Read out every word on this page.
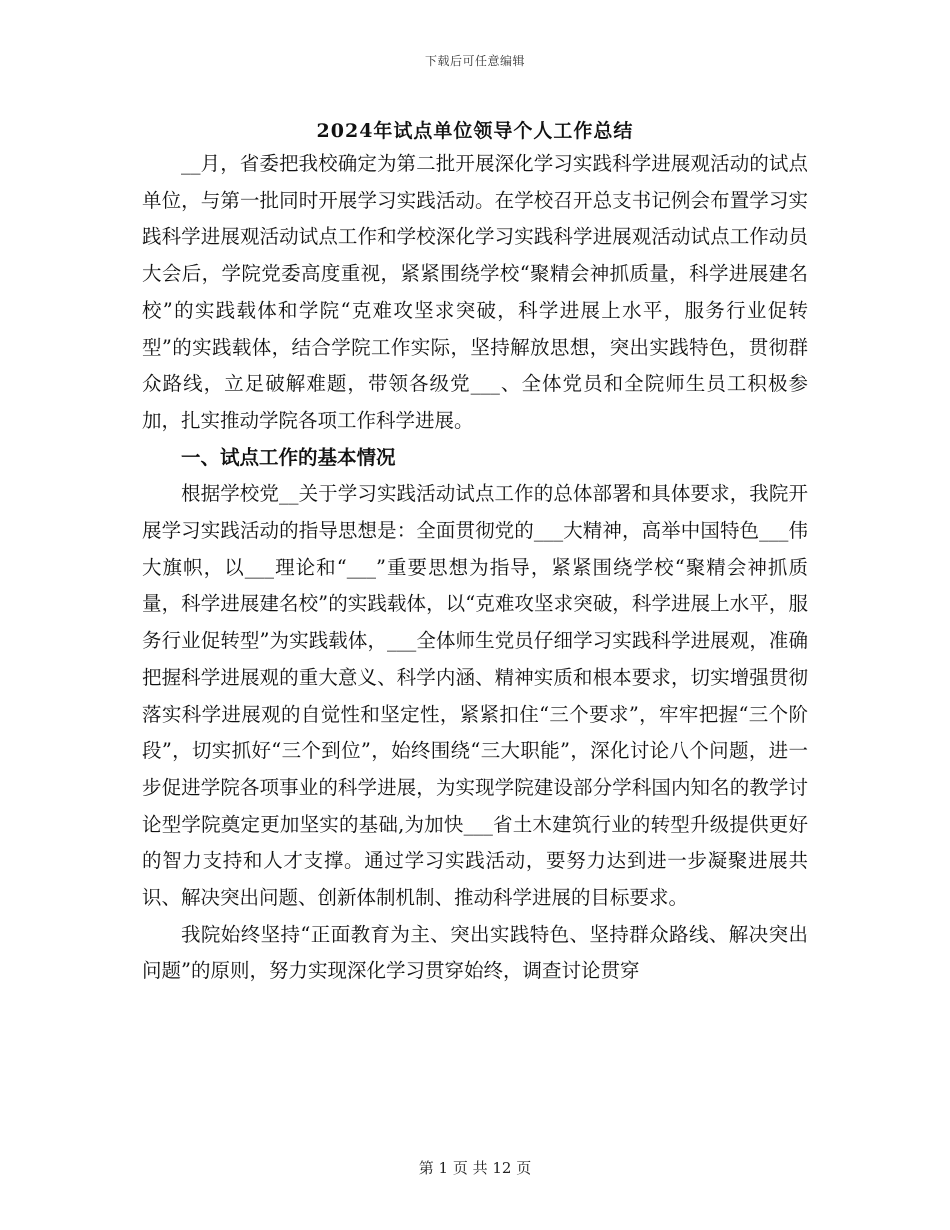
下载后可任意编辑
2024年试点单位领导个人工作总结

__月，省委把我校确定为第二批开展深化学习实践科学进展观活动的试点单位，与第一批同时开展学习实践活动。在学校召开总支书记例会布置学习实践科学进展观活动试点工作和学校深化学习实践科学进展观活动试点工作动员大会后，学院党委高度重视，紧紧围绕学校“聚精会神抓质量，科学进展建名校”的实践载体和学院“克难攻坚求突破，科学进展上水平，服务行业促转型”的实践载体，结合学院工作实际，坚持解放思想，突出实践特色，贯彻群众路线，立足破解难题，带领各级党___、全体党员和全院师生员工积极参加，扎实推动学院各项工作科学进展。

一、试点工作的基本情况

根据学校党__关于学习实践活动试点工作的总体部署和具体要求，我院开展学习实践活动的指导思想是：全面贯彻党的___大精神，高举中国特色___伟大旗帜，以___理论和“___”重要思想为指导，紧紧围绕学校“聚精会神抓质量，科学进展建名校”的实践载体，以“克难攻坚求突破，科学进展上水平，服务行业促转型”为实践载体，___全体师生党员仔细学习实践科学进展观，准确把握科学进展观的重大意义、科学内涵、精神实质和根本要求，切实增强贯彻落实科学进展观的自觉性和坚定性，紧紧扣住“三个要求”，牢牢把握“三个阶段”，切实抓好“三个到位”，始终围绕“三大职能”，深化讨论八个问题，进一步促进学院各项事业的科学进展，为实现学院建设部分学科国内知名的教学讨论型学院奠定更加坚实的基础,为加快___省土木建筑行业的转型升级提供更好的智力支持和人才支撑。通过学习实践活动，要努力达到进一步凝聚进展共识、解决突出问题、创新体制机制、推动科学进展的目标要求。

我院始终坚持“正面教育为主、突出实践特色、坚持群众路线、解决突出问题”的原则，努力实现深化学习贯穿始终，调查讨论贯穿

第 1 页 共 12 页
